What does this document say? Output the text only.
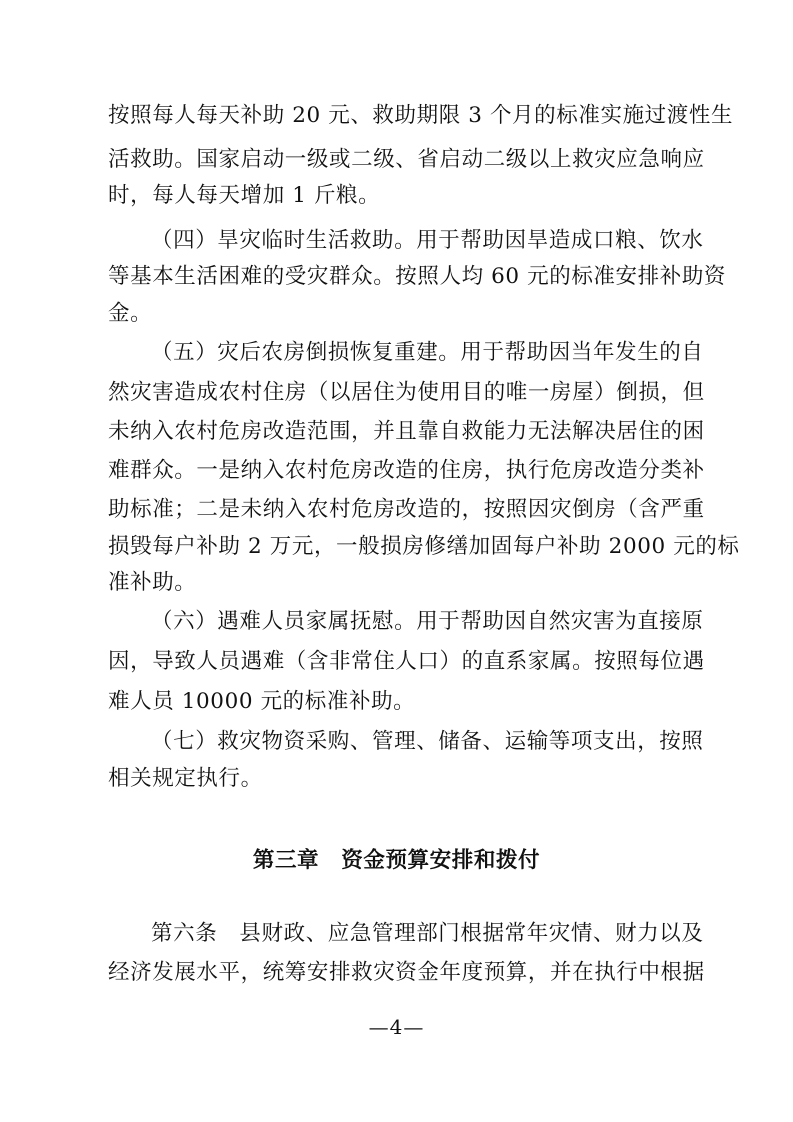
按照每人每天补助 20 元、救助期限 3 个月的标准实施过渡性生
活救助。国家启动一级或二级、省启动二级以上救灾应急响应
时，每人每天增加 1 斤粮。
（四）旱灾临时生活救助。用于帮助因旱造成口粮、饮水
等基本生活困难的受灾群众。按照人均 60 元的标准安排补助资
金。
（五）灾后农房倒损恢复重建。用于帮助因当年发生的自
然灾害造成农村住房（以居住为使用目的唯一房屋）倒损，但
未纳入农村危房改造范围，并且靠自救能力无法解决居住的困
难群众。一是纳入农村危房改造的住房，执行危房改造分类补
助标准；二是未纳入农村危房改造的，按照因灾倒房（含严重
损毁每户补助 2 万元，一般损房修缮加固每户补助 2000 元的标
准补助。
（六）遇难人员家属抚慰。用于帮助因自然灾害为直接原
因，导致人员遇难（含非常住人口）的直系家属。按照每位遇
难人员 10000 元的标准补助。
（七）救灾物资采购、管理、储备、运输等项支出，按照
相关规定执行。
第三章　资金预算安排和拨付
第六条　县财政、应急管理部门根据常年灾情、财力以及
经济发展水平，统筹安排救灾资金年度预算，并在执行中根据
—4—
